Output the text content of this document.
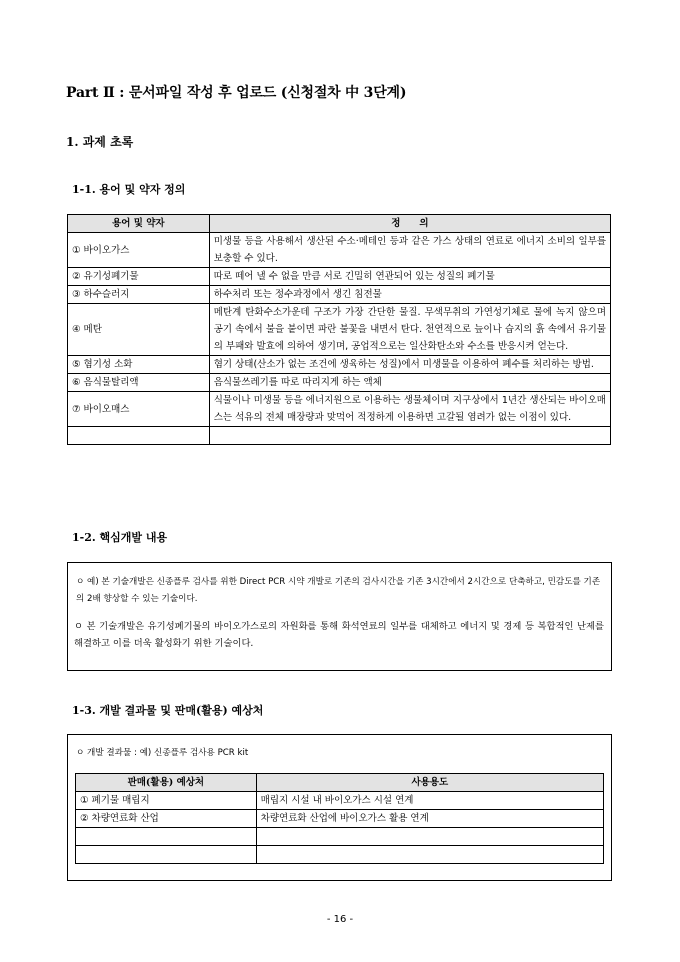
Part Ⅱ : 문서파일 작성 후 업로드 (신청절차 中 3단계)
1. 과제 초록
1-1. 용어 및 약자 정의
용어 및 약자	정　　의
① 바이오가스	미생물 등을 사용해서 생산된 수소·메테인 등과 같은 가스 상태의 연료로 에너지 소비의 일부를 보충할 수 있다.
② 유기성폐기물	따로 떼어 낼 수 없을 만큼 서로 긴밀히 연관되어 있는 성질의 폐기물
③ 하수슬러지	하수처리 또는 정수과정에서 생긴 침전물
④ 메탄	메탄계 탄화수소가운데 구조가 가장 간단한 물질. 무색무취의 가연성기체로 물에 녹지 않으며 공기 속에서 불을 붙이면 파란 불꽃을 내면서 탄다. 천연적으로 늪이나 습지의 흙 속에서 유기물의 부패와 발효에 의하여 생기며, 공업적으로는 일산화탄소와 수소를 반응시켜 얻는다.
⑤ 혐기성 소화	혐기 상태(산소가 없는 조건에 생육하는 성질)에서 미생물을 이용하여 폐수를 처리하는 방법.
⑥ 음식물탈리액	음식물쓰레기를 따로 따리지게 하는 액체
⑦ 바이오매스	식물이나 미생물 등을 에너지원으로 이용하는 생물체이며 지구상에서 1년간 생산되는 바이오매스는 석유의 전체 매장량과 맞먹어 적정하게 이용하면 고갈될 염려가 없는 이점이 있다.

1-2. 핵심개발 내용

ㅇ 예) 본 기술개발은 신종플루 검사를 위한 Direct PCR 시약 개발로 기존의 검사시간을 기존 3시간에서 2시간으로 단축하고, 민감도를 기존의 2배 향상할 수 있는 기술이다.

ㅇ 본 기술개발은 유기성폐기물의 바이오가스로의 자원화를 통해 화석연료의 일부를 대체하고 에너지 및 경제 등 복합적인 난제를 해결하고 이를 더욱 활성화기 위한 기술이다.

1-3. 개발 결과물 및 판매(활용) 예상처
ㅇ 개발 결과물 : 예) 신종플루 검사용 PCR kit
판매(활용) 예상처	사용용도
① 폐기물 매립지	매립지 시설 내 바이오가스 시설 연계
② 차량연료화 산업	차량연료화 산업에 바이오가스 활용 연계

- 16 -
